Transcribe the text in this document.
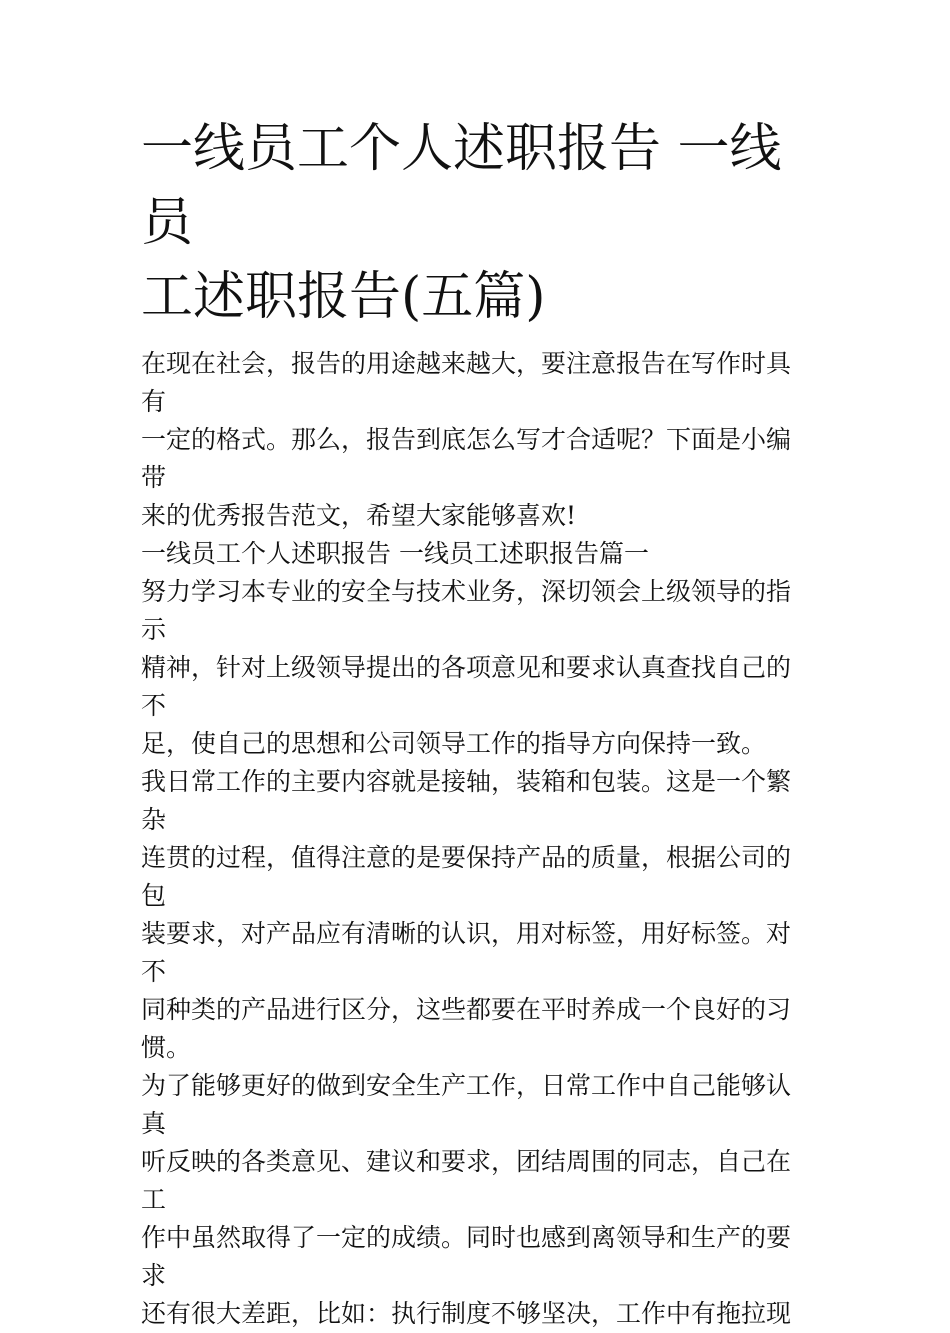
一线员工个人述职报告 一线员
工述职报告(五篇)

在现在社会，报告的用途越来越大，要注意报告在写作时具有
一定的格式。那么，报告到底怎么写才合适呢？下面是小编带
来的优秀报告范文，希望大家能够喜欢!

一线员工个人述职报告 一线员工述职报告篇一

努力学习本专业的安全与技术业务，深切领会上级领导的指示
精神，针对上级领导提出的各项意见和要求认真查找自己的不
足，使自己的思想和公司领导工作的指导方向保持一致。

我日常工作的主要内容就是接轴，装箱和包装。这是一个繁杂
连贯的过程，值得注意的是要保持产品的质量，根据公司的包
装要求，对产品应有清晰的认识，用对标签，用好标签。对不
同种类的产品进行区分，这些都要在平时养成一个良好的习
惯。

为了能够更好的做到安全生产工作，日常工作中自己能够认真
听反映的各类意见、建议和要求，团结周围的同志，自己在工
作中虽然取得了一定的成绩。同时也感到离领导和生产的要求
还有很大差距，比如：执行制度不够坚决，工作中有拖拉现
